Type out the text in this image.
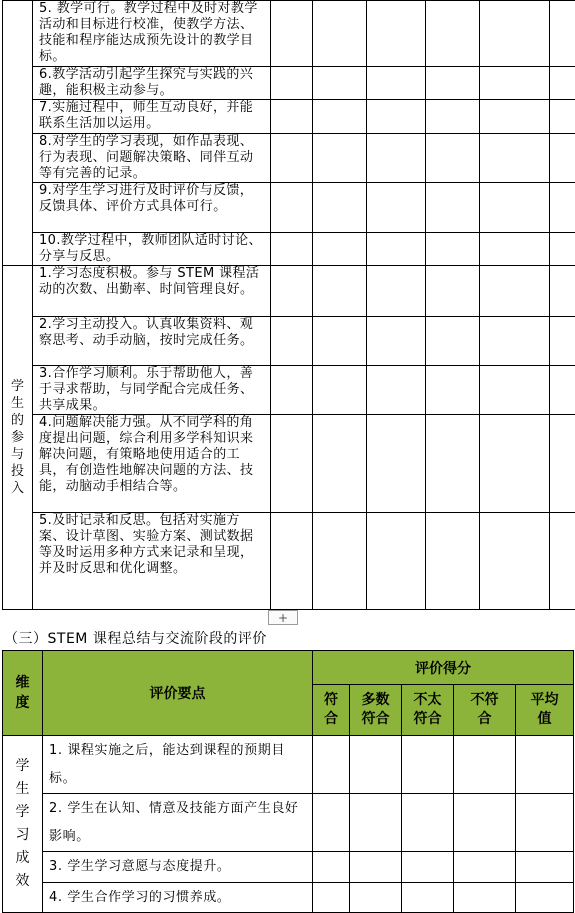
	5. 教学可行。教学过程中及时对教学活动和目标进行校准，使教学方法、技能和程序能达成预先设计的教学目标。						
	6.教学活动引起学生探究与实践的兴趣，能积极主动参与。						
	7.实施过程中，师生互动良好，并能联系生活加以运用。						
	8.对学生的学习表现，如作品表现、行为表现、问题解决策略、同伴互动等有完善的记录。						
	9.对学生学习进行及时评价与反馈，反馈具体、评价方式具体可行。						
	10.教学过程中，教师团队适时讨论、分享与反思。						
学生的参与投入	1.学习态度积极。参与 STEM 课程活动的次数、出勤率、时间管理良好。						
	2.学习主动投入。认真收集资料、观察思考、动手动脑，按时完成任务。						
	3.合作学习顺利。乐于帮助他人，善于寻求帮助，与同学配合完成任务、共享成果。						
	4.问题解决能力强。从不同学科的角度提出问题，综合利用多学科知识来解决问题，有策略地使用适合的工具，有创造性地解决问题的方法、技能，动脑动手相结合等。						
	5.及时记录和反思。包括对实施方案、设计草图、实验方案、测试数据等及时运用多种方式来记录和呈现，并及时反思和优化调整。						
+
（三）STEM 课程总结与交流阶段的评价
维度	评价要点	评价得分				
		符合	多数符合	不太符合	不符合	平均值
学生学习成效	1. 课程实施之后，能达到课程的预期目标。					
	2. 学生在认知、情意及技能方面产生良好影响。					
	3. 学生学习意愿与态度提升。					
	4. 学生合作学习的习惯养成。					
